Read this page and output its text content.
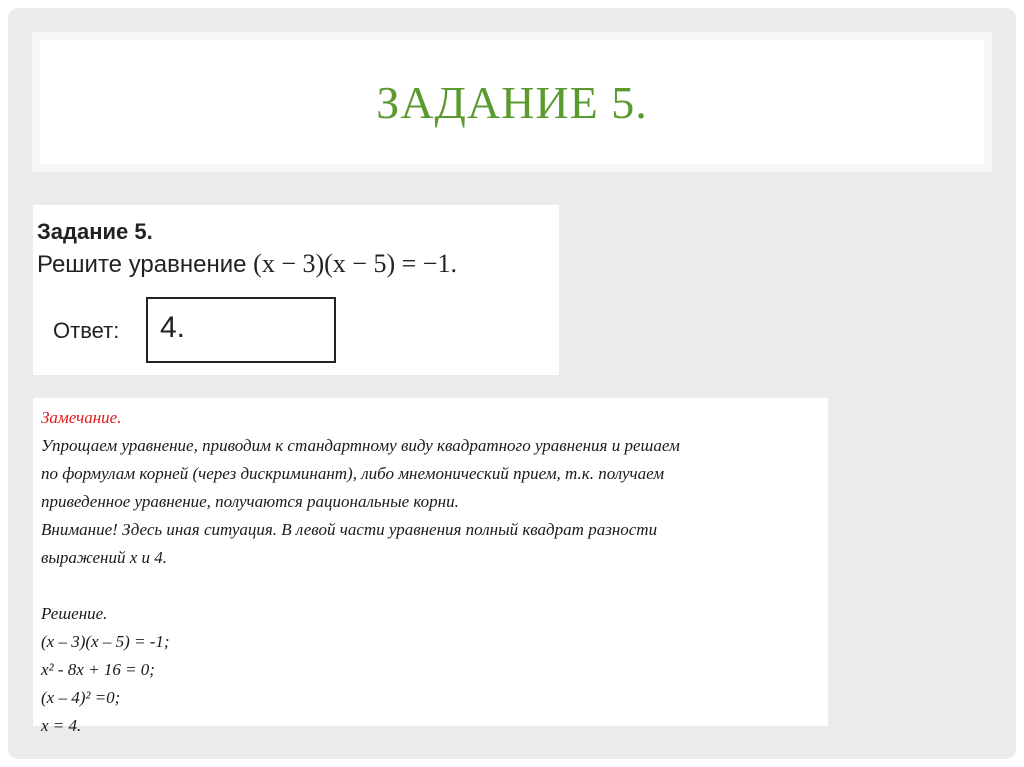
ЗАДАНИЕ 5.
Задание 5.
Решите уравнение (x − 3)(x − 5) = −1.
Ответ: 4.
Замечание.
Упрощаем уравнение, приводим к стандартному виду квадратного уравнения и решаем
по формулам корней (через дискриминант), либо мнемонический прием, т.к. получаем
приведенное уравнение, получаются рациональные корни.
Внимание! Здесь иная ситуация. В левой части уравнения полный квадрат разности
выражений x и 4.
Решение.
(x – 3)(x – 5) = -1;
x² - 8x + 16 = 0;
(x – 4)² =0;
x = 4.
